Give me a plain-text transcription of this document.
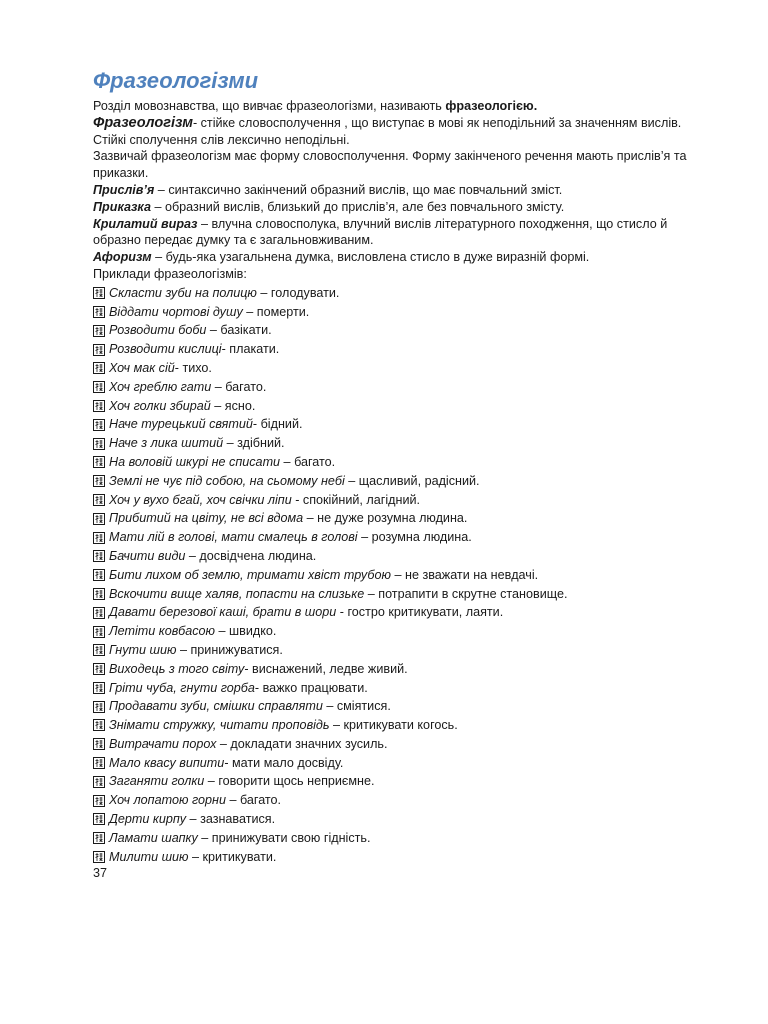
Фразеологізми

Розділ мовознавства, що вивчає фразеологізми, називають фразеологією.

Фразеологізм- стійке словосполучення , що виступає в мові як неподільний за значенням вислів. Стійкі сполучення слів лексично неподільні.

Зазвичай фразеологізм має форму словосполучення. Форму закінченого речення мають прислів’я та приказки.

Прислів’я – синтаксично закінчений образний вислів, що має повчальний зміст.

Приказка – образний вислів, близький до прислів’я, але без повчального змісту.

Крилатий вираз – влучна словосполука, влучний вислів літературного походження, що стисло й образно передає думку та є загальновживаним.

Афоризм – будь-яка узагальнена думка, висловлена стисло в дуже виразній формі.

Приклади фразеологізмів:

Скласти зуби на полицю – голодувати.
Віддати чортові душу – померти.
Розводити боби – базікати.
Розводити кислиці - плакати.
Хоч мак сій - тихо.
Хоч греблю гати – багато.
Хоч голки збирай – ясно.
Наче турецький святий - бідний.
Наче з лика шитий – здібний.
На воловій шкурі не списати – багато.
Землі не чує під собою, на сьомому небі – щасливий, радісний.
Хоч у вухо бгай, хоч свічки ліпи - спокійний, лагідний.
Прибитий на цвіту, не всі вдома – не дуже розумна людина.
Мати лій в голові, мати смалець в голові – розумна людина.
Бачити види – досвідчена людина.
Бити лихом об землю, тримати хвіст трубою – не зважати на невдачі.
Вскочити вище халяв, попасти на слизьке – потрапити в скрутне становище.
Давати березової каші, брати в шори - гостро критикувати, лаяти.
Летіти ковбасою – швидко.
Гнути шию – принижуватися.
Виходець з того світу - виснажений, ледве живий.
Гріти чуба, гнути горба - важко працювати.
Продавати зуби, смішки справляти – сміятися.
Знімати стружку, читати проповідь – критикувати когось.
Витрачати порох – докладати значних зусиль.
Мало квасу випити - мати мало досвіду.
Заганяти голки – говорити щось неприємне.
Хоч лопатою горни – багато.
Дерти кирпу – зазнаватися.
Ламати шапку – принижувати свою гідність.
Милити шию – критикувати.
37
